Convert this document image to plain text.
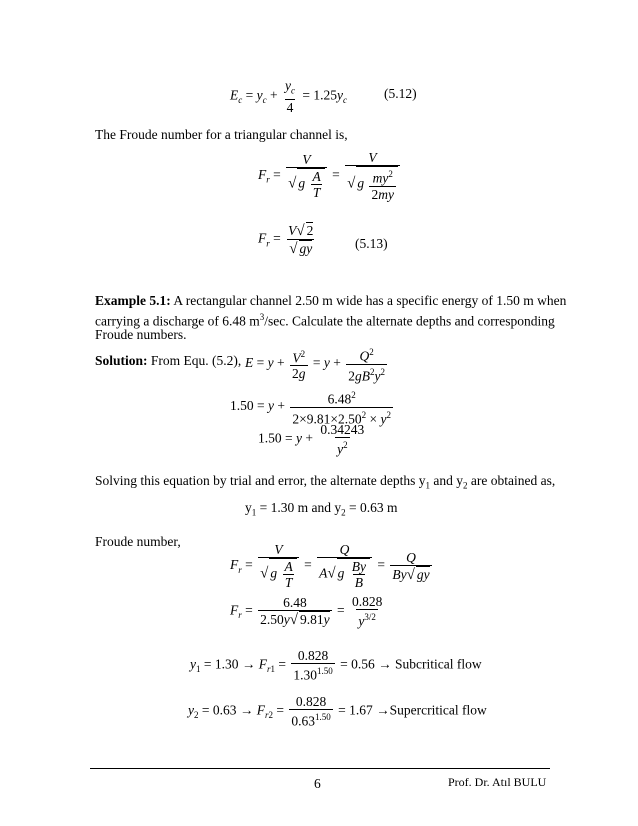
$E_c = y_c + \frac{y_c}{4} = 1.25y_c$	(5.12)
The Froude number for a triangular channel is,
$F_r = \frac{V}{√ g \frac{A}{T}} = \frac{V}{√ g \frac{my^2}{2my}}$
$F_r = \frac{V√ 2}{√ gy}$	(5.13)
Example 5.1: A rectangular channel 2.50 m wide has a specific energy of 1.50 m when
carrying a discharge of 6.48 $m^3/\sec$. Calculate the alternate depths and corresponding
Froude numbers.
Solution: From Equ. (5.2), $E = y + \frac{V^2}{2g} = y + \frac{Q^2}{2gB^2y^2}$
$1.50 = y + \frac{6.48^2}{2\times 9.81\times 2.50^2 \times y^2}$
$1.50 = y + \frac{0.34243}{y^2}$
Solving this equation by trial and error, the alternate depths $y_1$ and $y_2$ are obtained as,
$y_1 = 1.30$ m and $y_2 = 0.63$ m
Froude number,
$F_r = \frac{V}{√ g \frac{A}{T}} = \frac{Q}{A√ g \frac{By}{B}} = \frac{Q}{By√ gy}$
$F_r = \frac{6.48}{2.50y√ 9.81y} = \frac{0.828}{y^{3/2}}$
$y_1 = 1.30 \to F_{r1} = \frac{0.828}{1.30^{1.50}} = 0.56$ → Subcritical flow
$y_2 = 0.63 \to F_{r2} = \frac{0.828}{0.63^{1.50}} = 1.67$ →Supercritical flow
6	Prof. Dr. Atıl BULU
